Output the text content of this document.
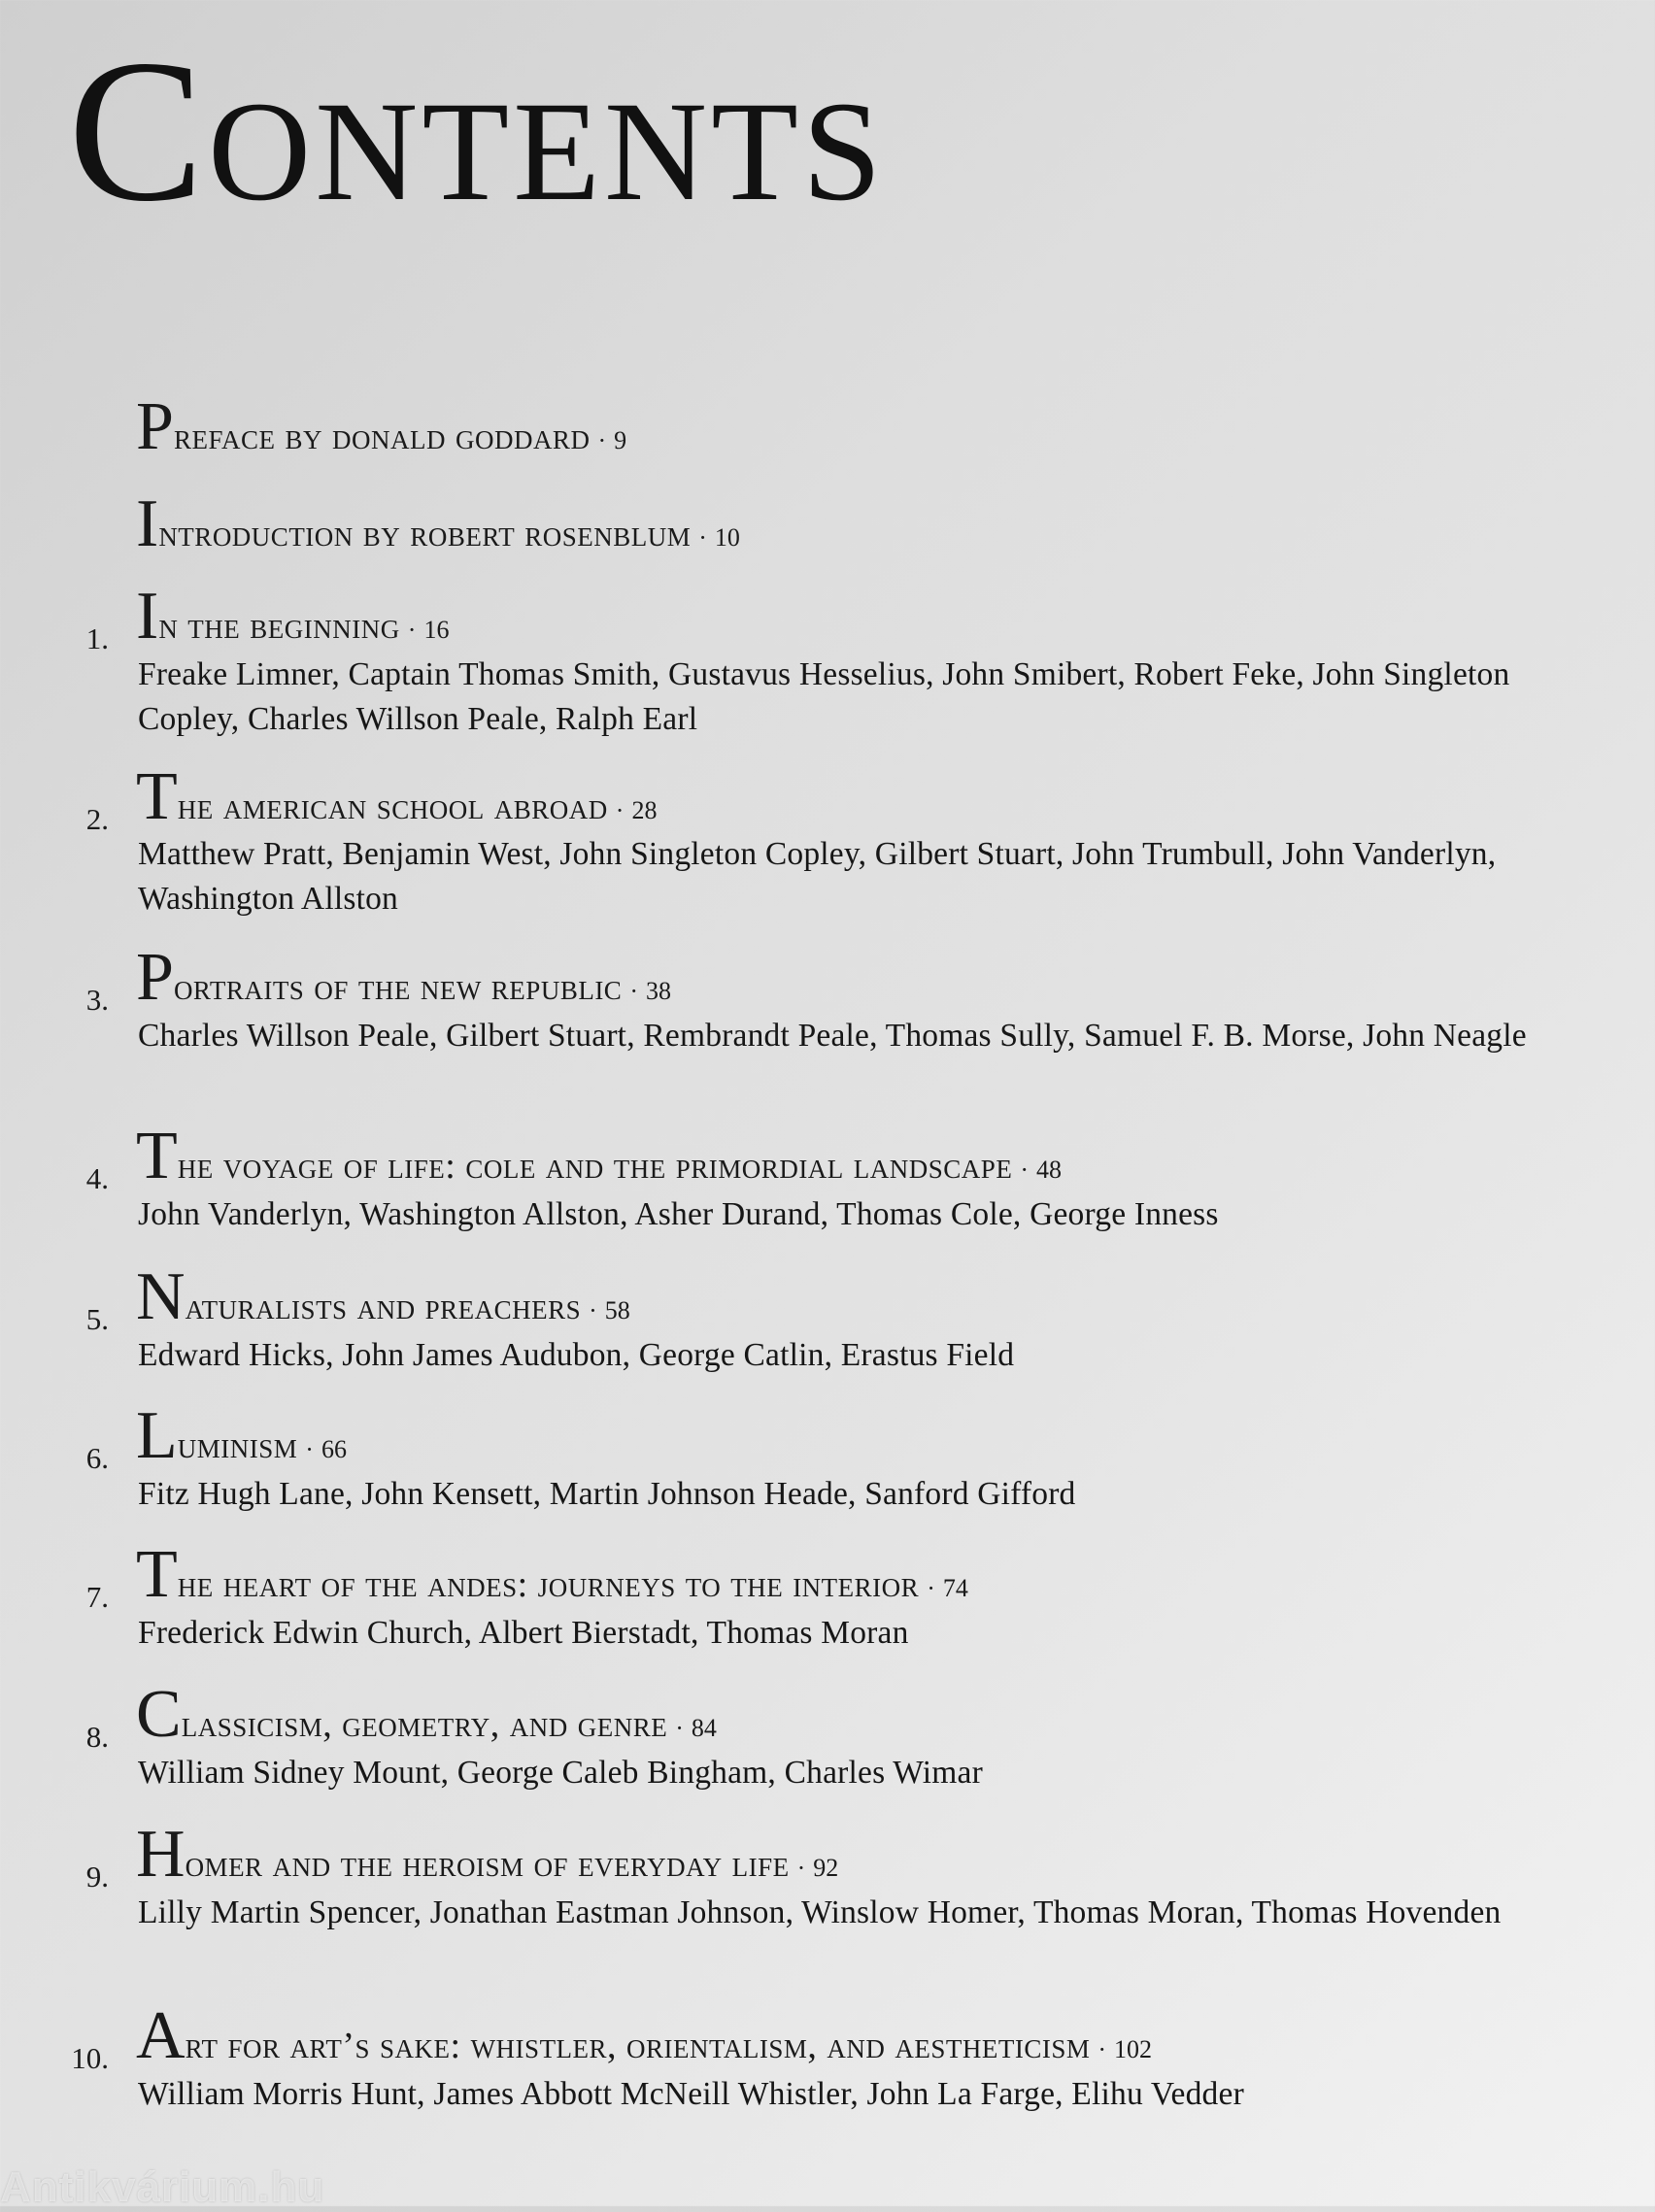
Contents
Preface by donald goddard · 9
Introduction by robert rosenblum · 10
1. In the beginning · 16
Freake Limner, Captain Thomas Smith, Gustavus Hesselius, John Smibert, Robert Feke, John Singleton Copley, Charles Willson Peale, Ralph Earl
2. The american school abroad · 28
Matthew Pratt, Benjamin West, John Singleton Copley, Gilbert Stuart, John Trumbull, John Vanderlyn, Washington Allston
3. Portraits of the new republic · 38
Charles Willson Peale, Gilbert Stuart, Rembrandt Peale, Thomas Sully, Samuel F. B. Morse, John Neagle
4. The voyage of life: cole and the primordial landscape · 48
John Vanderlyn, Washington Allston, Asher Durand, Thomas Cole, George Inness
5. Naturalists and preachers · 58
Edward Hicks, John James Audubon, George Catlin, Erastus Field
6. Luminism · 66
Fitz Hugh Lane, John Kensett, Martin Johnson Heade, Sanford Gifford
7. The heart of the andes: journeys to the interior · 74
Frederick Edwin Church, Albert Bierstadt, Thomas Moran
8. Classicism, geometry, and genre · 84
William Sidney Mount, George Caleb Bingham, Charles Wimar
9. Homer and the heroism of everyday life · 92
Lilly Martin Spencer, Jonathan Eastman Johnson, Winslow Homer, Thomas Moran, Thomas Hovenden
10. Art for art’s sake: whistler, orientalism, and aestheticism · 102
William Morris Hunt, James Abbott McNeill Whistler, John La Farge, Elihu Vedder
Antikvárium.hu
